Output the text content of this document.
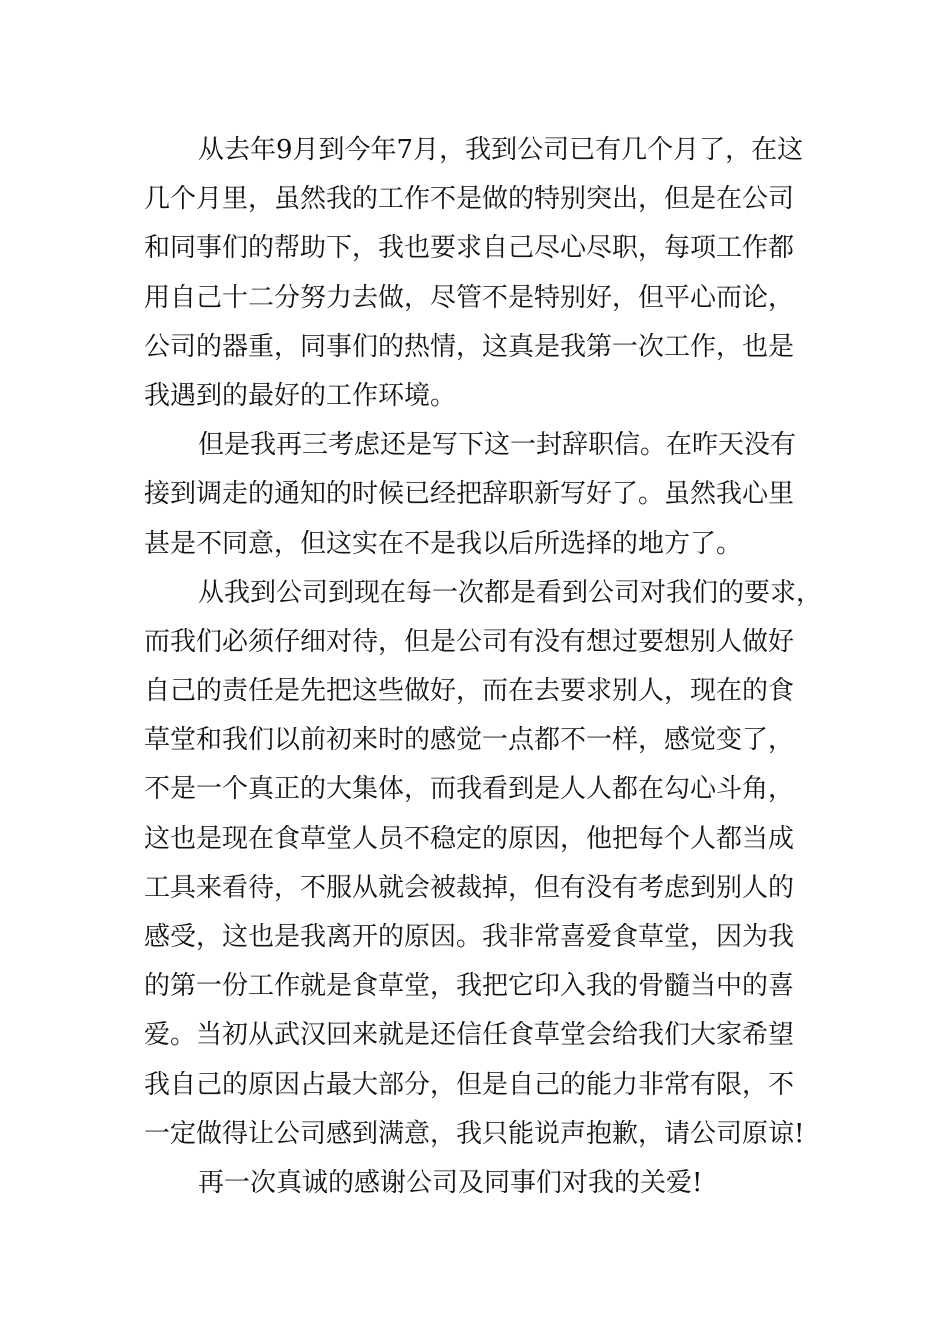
从去年9月到今年7月，我到公司已有几个月了，在这
几个月里，虽然我的工作不是做的特别突出，但是在公司
和同事们的帮助下，我也要求自己尽心尽职，每项工作都
用自己十二分努力去做，尽管不是特别好，但平心而论，
公司的器重，同事们的热情，这真是我第一次工作，也是
我遇到的最好的工作环境。
但是我再三考虑还是写下这一封辞职信。在昨天没有
接到调走的通知的时候已经把辞职新写好了。虽然我心里
甚是不同意，但这实在不是我以后所选择的地方了。
从我到公司到现在每一次都是看到公司对我们的要求，
而我们必须仔细对待，但是公司有没有想过要想别人做好
自己的责任是先把这些做好，而在去要求别人，现在的食
草堂和我们以前初来时的感觉一点都不一样，感觉变了，
不是一个真正的大集体，而我看到是人人都在勾心斗角，
这也是现在食草堂人员不稳定的原因，他把每个人都当成
工具来看待，不服从就会被裁掉，但有没有考虑到别人的
感受，这也是我离开的原因。我非常喜爱食草堂，因为我
的第一份工作就是食草堂，我把它印入我的骨髓当中的喜
爱。当初从武汉回来就是还信任食草堂会给我们大家希望
我自己的原因占最大部分，但是自己的能力非常有限，不
一定做得让公司感到满意，我只能说声抱歉，请公司原谅!
再一次真诚的感谢公司及同事们对我的关爱!
